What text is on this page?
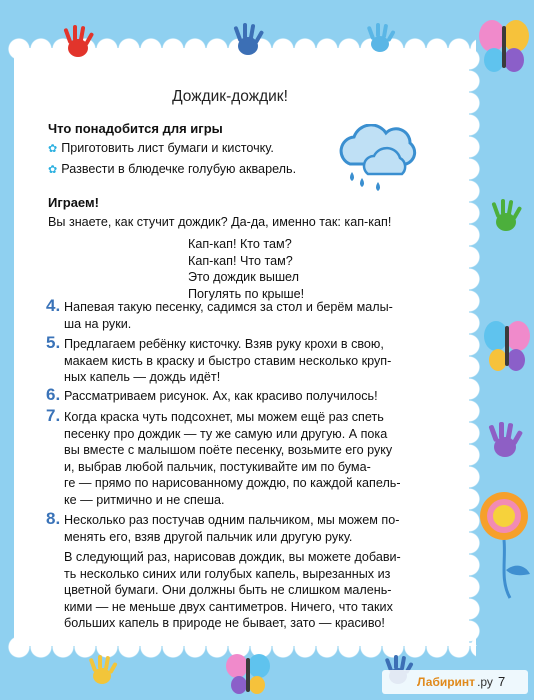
Дождик-дождик!
Что понадобится для игры
✿ Приготовить лист бумаги и кисточку.
✿ Развести в блюдечке голубую акварель.
Играем!
Вы знаете, как стучит дождик? Да-да, именно так: кап-кап!
Кап-кап! Кто там?
Кап-кап! Что там?
Это дождик вышел
Погулять по крыше!
4. Напевая такую песенку, садимся за стол и берём малы-
ша на руки.
5. Предлагаем ребёнку кисточку. Взяв руку крохи в свою,
макаем кисть в краску и быстро ставим несколько круп-
ных капель — дождь идёт!
6. Рассматриваем рисунок. Ах, как красиво получилось!
7. Когда краска чуть подсохнет, мы можем ещё раз спеть
песенку про дождик — ту же самую или другую. А пока
вы вместе с малышом поёте песенку, возьмите его руку
и, выбрав любой пальчик, постукивайте им по бума-
ге — прямо по нарисованному дождю, по каждой капель-
ке — ритмично и не спеша.
8. Несколько раз постучав одним пальчиком, мы можем по-
менять его, взяв другой пальчик или другую руку.
В следующий раз, нарисовав дождик, вы можете добави-
ть несколько синих или голубых капель, вырезанных из
цветной бумаги. Они должны быть не слишком малень-
кими — не меньше двух сантиметров. Ничего, что таких
больших капель в природе не бывает, зато — красиво!
Лабиринт .ру 7
